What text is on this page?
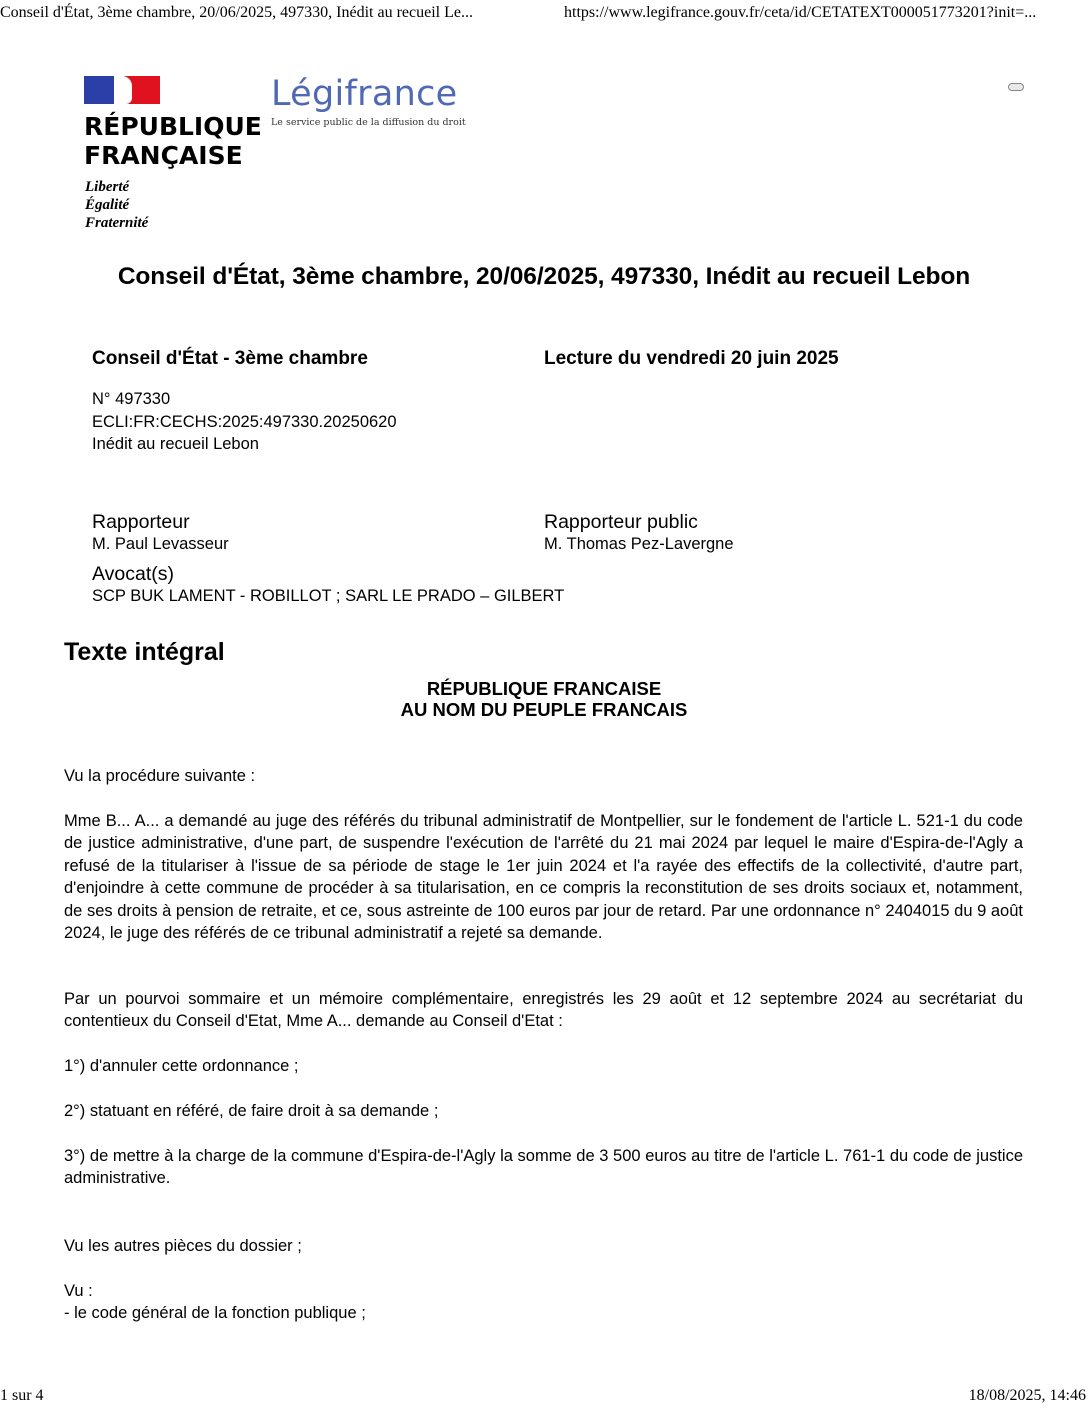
Conseil d'État, 3ème chambre, 20/06/2025, 497330, Inédit au recueil Le...	https://www.legifrance.gouv.fr/ceta/id/CETATEXT000051773201?init=...
RÉPUBLIQUE
FRANÇAISE
Liberté
Égalité
Fraternité
Légifrance
Le service public de la diffusion du droit
Conseil d'État, 3ème chambre, 20/06/2025, 497330, Inédit au recueil Lebon
Conseil d'État - 3ème chambre	Lecture du vendredi 20 juin 2025
N° 497330
ECLI:FR:CECHS:2025:497330.20250620
Inédit au recueil Lebon
Rapporteur
M. Paul Levasseur
Rapporteur public
M. Thomas Pez-Lavergne
Avocat(s)
SCP BUK LAMENT - ROBILLOT ; SARL LE PRADO – GILBERT
Texte intégral
RÉPUBLIQUE FRANCAISE
AU NOM DU PEUPLE FRANCAIS

Vu la procédure suivante :

Mme B... A... a demandé au juge des référés du tribunal administratif de Montpellier, sur le fondement de l'article L. 521-1 du code de justice administrative, d'une part, de suspendre l'exécution de l'arrêté du 21 mai 2024 par lequel le maire d'Espira-de-l'Agly a refusé de la titulariser à l'issue de sa période de stage le 1er juin 2024 et l'a rayée des effectifs de la collectivité, d'autre part, d'enjoindre à cette commune de procéder à sa titularisation, en ce compris la reconstitution de ses droits sociaux et, notamment, de ses droits à pension de retraite, et ce, sous astreinte de 100 euros par jour de retard. Par une ordonnance n° 2404015 du 9 août 2024, le juge des référés de ce tribunal administratif a rejeté sa demande.

Par un pourvoi sommaire et un mémoire complémentaire, enregistrés les 29 août et 12 septembre 2024 au secrétariat du contentieux du Conseil d'Etat, Mme A... demande au Conseil d'Etat :

1°) d'annuler cette ordonnance ;

2°) statuant en référé, de faire droit à sa demande ;

3°) de mettre à la charge de la commune d'Espira-de-l'Agly la somme de 3 500 euros au titre de l'article L. 761-1 du code de justice administrative.

Vu les autres pièces du dossier ;

Vu :

- le code général de la fonction publique ;

1 sur 4	18/08/2025, 14:46
